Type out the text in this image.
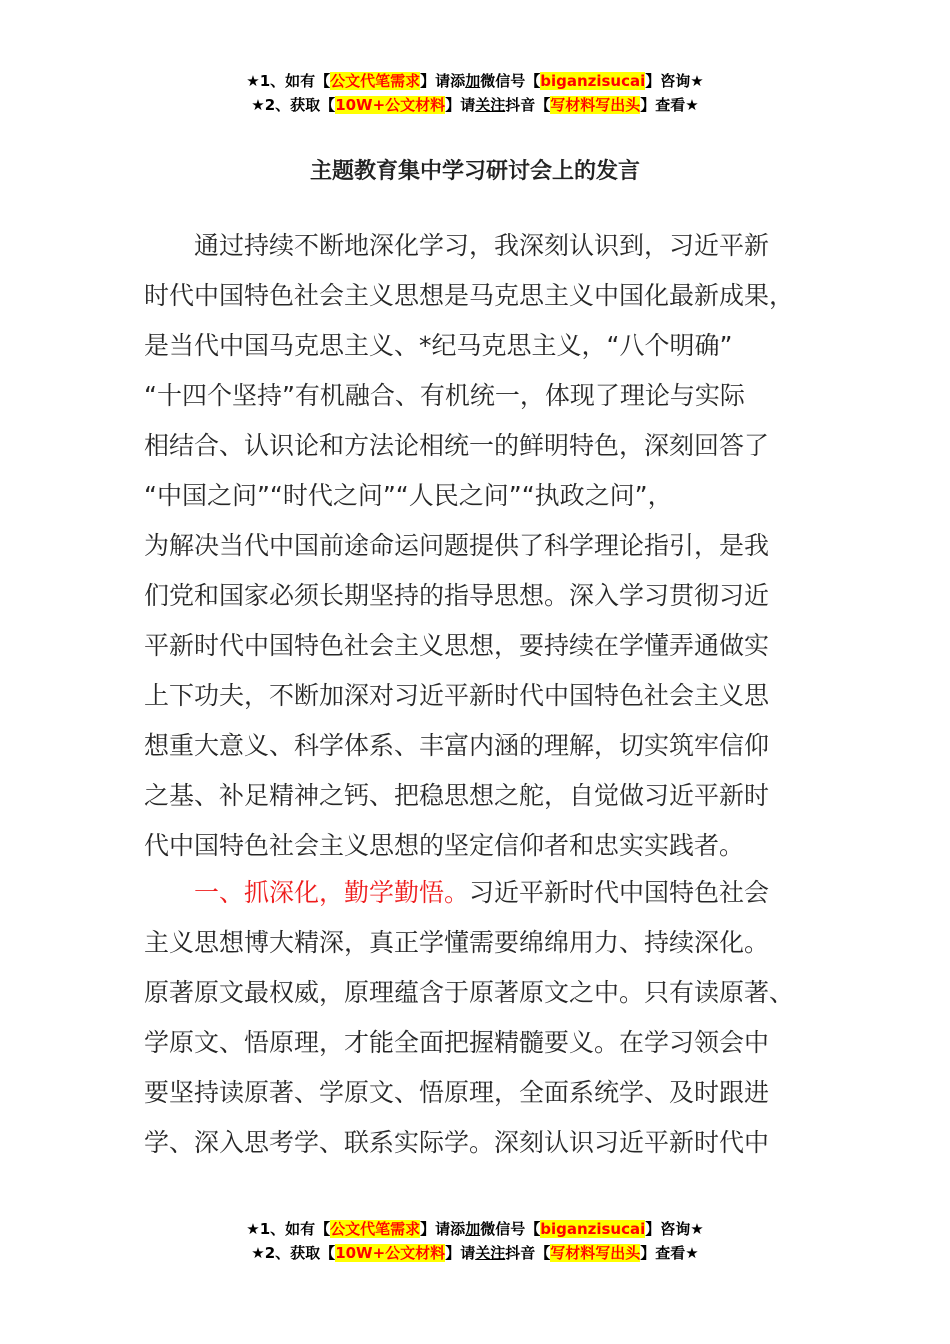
★1、如有【公文代笔需求】请添加微信号【biganzisucai】咨询★
★2、获取【10W+公文材料】请关注抖音【写材料写出头】查看★
主题教育集中学习研讨会上的发言
通过持续不断地深化学习，我深刻认识到，习近平新
时代中国特色社会主义思想是马克思主义中国化最新成果，
是当代中国马克思主义、*纪马克思主义，“八个明确”
“十四个坚持”有机融合、有机统一，体现了理论与实际
相结合、认识论和方法论相统一的鲜明特色，深刻回答了
“中国之问”“时代之问”“人民之问”“执政之问”，
为解决当代中国前途命运问题提供了科学理论指引，是我
们党和国家必须长期坚持的指导思想。深入学习贯彻习近
平新时代中国特色社会主义思想，要持续在学懂弄通做实
上下功夫，不断加深对习近平新时代中国特色社会主义思
想重大意义、科学体系、丰富内涵的理解，切实筑牢信仰
之基、补足精神之钙、把稳思想之舵，自觉做习近平新时
代中国特色社会主义思想的坚定信仰者和忠实实践者。
一、抓深化，勤学勤悟。习近平新时代中国特色社会
主义思想博大精深，真正学懂需要绵绵用力、持续深化。
原著原文最权威，原理蕴含于原著原文之中。只有读原著、
学原文、悟原理，才能全面把握精髓要义。在学习领会中
要坚持读原著、学原文、悟原理，全面系统学、及时跟进
学、深入思考学、联系实际学。深刻认识习近平新时代中
★1、如有【公文代笔需求】请添加微信号【biganzisucai】咨询★
★2、获取【10W+公文材料】请关注抖音【写材料写出头】查看★
